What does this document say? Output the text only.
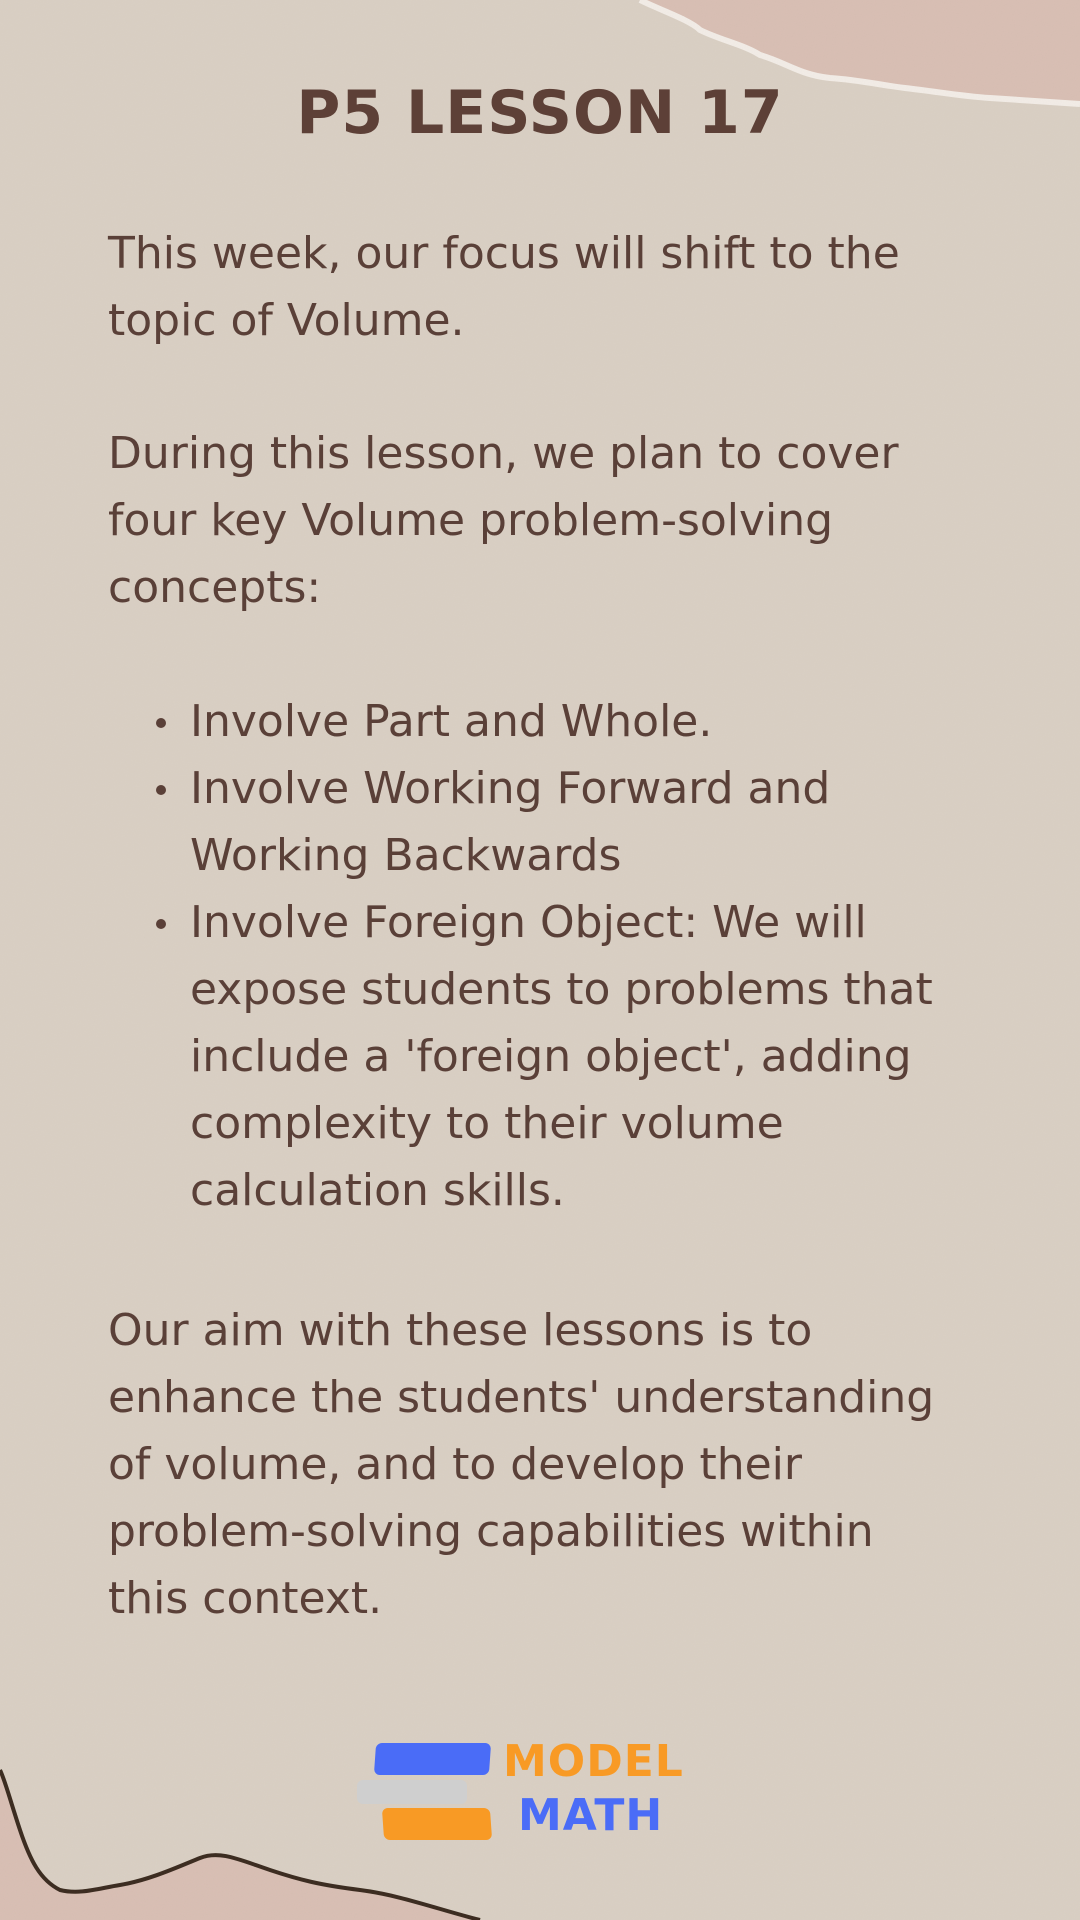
P5 LESSON 17
This week, our focus will shift to the
topic of Volume.
During this lesson, we plan to cover
four key Volume problem-solving
concepts:
Involve Part and Whole.
Involve Working Forward and
Working Backwards
Involve Foreign Object: We will
expose students to problems that
include a 'foreign object', adding
complexity to their volume
calculation skills.
Our aim with these lessons is to
enhance the students' understanding
of volume, and to develop their
problem-solving capabilities within
this context.
MODEL
MATH
